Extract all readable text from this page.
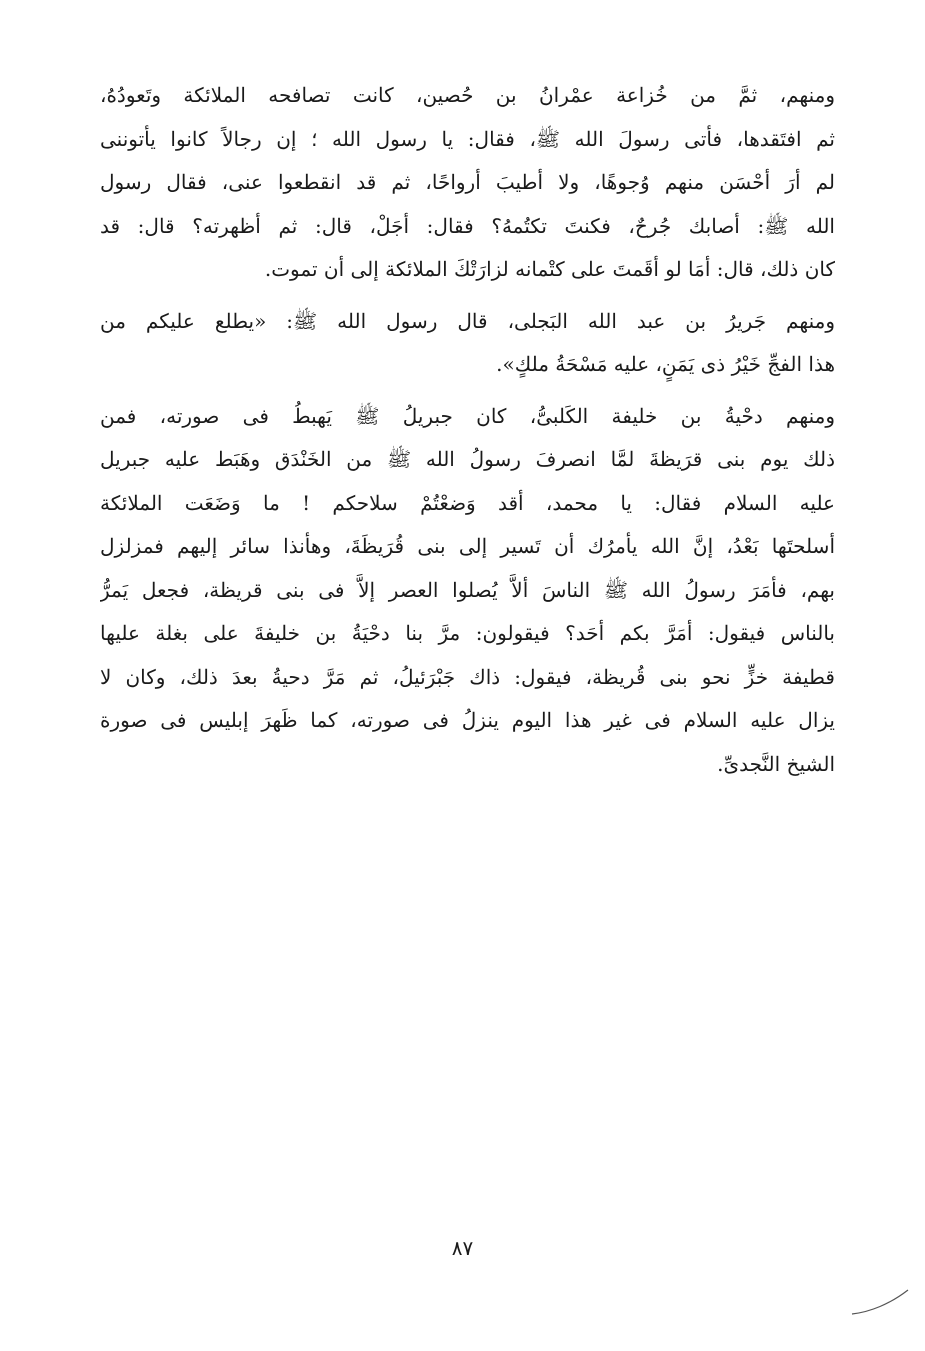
ومنهم، ثمَّ من خُزاعة عمْرانُ بن حُصين، كانت تصافحه الملائكة وتَعودُهُ،
ثم افتَقدها، فأتى رسولَ الله ﷺ، فقال: يا رسول الله ؛ إن رجالاً كانوا يأتوننى
لم أرَ أحْسَن منهم وُجوهًا، ولا أطيبَ أرواحًا، ثم قد انقطعوا عنى، فقال رسول
الله ﷺ: أصابك جُرحٌ، فكنتَ تكتُمهُ؟ فقال: أجَلْ، قال: ثم أظهرته؟ قال: قد
كان ذلك، قال: أمَا لو أقَمتَ على كتْمانه لزارَتْكَ الملائكة إلى أن تموت.
ومنهم جَريرُ بن عبد الله البَجلى، قال رسول الله ﷺ: «يطلع عليكم من
هذا الفجِّ خَيْرُ ذى يَمَنٍ، عليه مَسْحَةُ ملكٍ».
ومنهم دحْيةُ بن خليفة الكَلبىُّ، كان جبريلُ ﷺ يَهبطُ فى صورته، فمن
ذلك يوم بنى قرَيظةَ لمَّا انصرفَ رسولُ الله ﷺ من الخَنْدَق وهَبَط عليه جبريل
عليه السلام فقال: يا محمد، أقد وَضعْتُمْ سلاحكم ! ما وَضَعَت الملائكة
أسلحتَها بَعْدُ، إنَّ الله يأمرُك أن تَسير إلى بنى قُرَيظَةَ، وهأنذا سائر إليهم فمزلزل
بهم، فأمَرَ رسولُ الله ﷺ الناسَ ألاَّ يُصلوا العصر إلاَّ فى بنى قريظة، فجعل يَمرُّ
بالناس فيقول: أمَرَّ بكم أحَد؟ فيقولون: مرَّ بنا دحْيَةُ بن خليفةَ على بغلة عليها
قطيفة خزٍّ نحو بنى قُريظة، فيقول: ذاك جَبْرَئيلُ، ثم مَرَّ دحيةُ بعدَ ذلك، وكان لا
يزال عليه السلام فى غير هذا اليوم ينزلُ فى صورته، كما ظَهرَ إبليس فى صورة
الشيخ النَّجدىِّ.
٨٧
